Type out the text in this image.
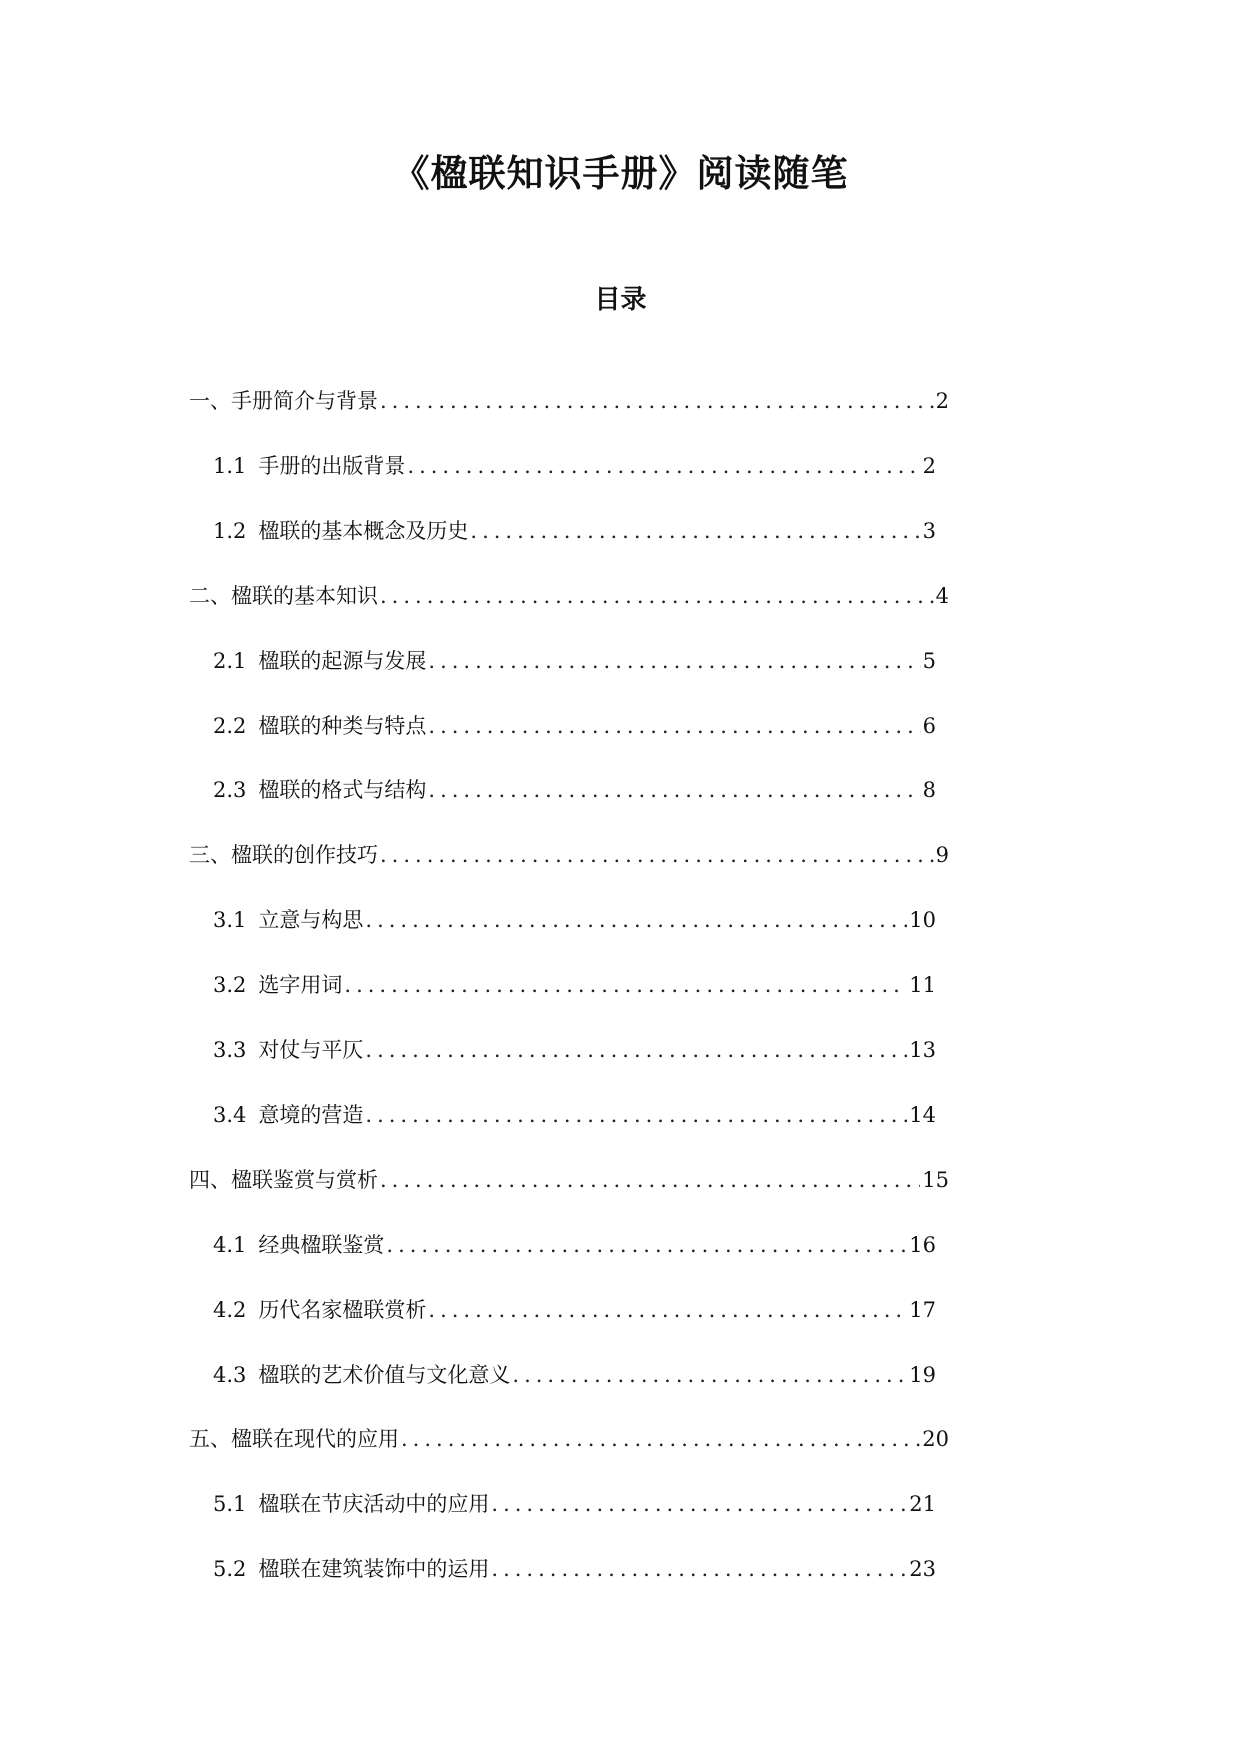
《楹联知识手册》阅读随笔
目录
一、手册简介与背景 .....	2
1.1 手册的出版背景 .....	2
1.2 楹联的基本概念及历史 .....	3
二、楹联的基本知识 .....	4
2.1 楹联的起源与发展 .....	5
2.2 楹联的种类与特点 .....	6
2.3 楹联的格式与结构 .....	8
三、楹联的创作技巧 .....	9
3.1 立意与构思 .....	10
3.2 选字用词 .....	11
3.3 对仗与平仄 .....	13
3.4 意境的营造 .....	14
四、楹联鉴赏与赏析 .....	15
4.1 经典楹联鉴赏 .....	16
4.2 历代名家楹联赏析 .....	17
4.3 楹联的艺术价值与文化意义 .....	19
五、楹联在现代的应用 .....	20
5.1 楹联在节庆活动中的应用 .....	21
5.2 楹联在建筑装饰中的运用 .....	23
